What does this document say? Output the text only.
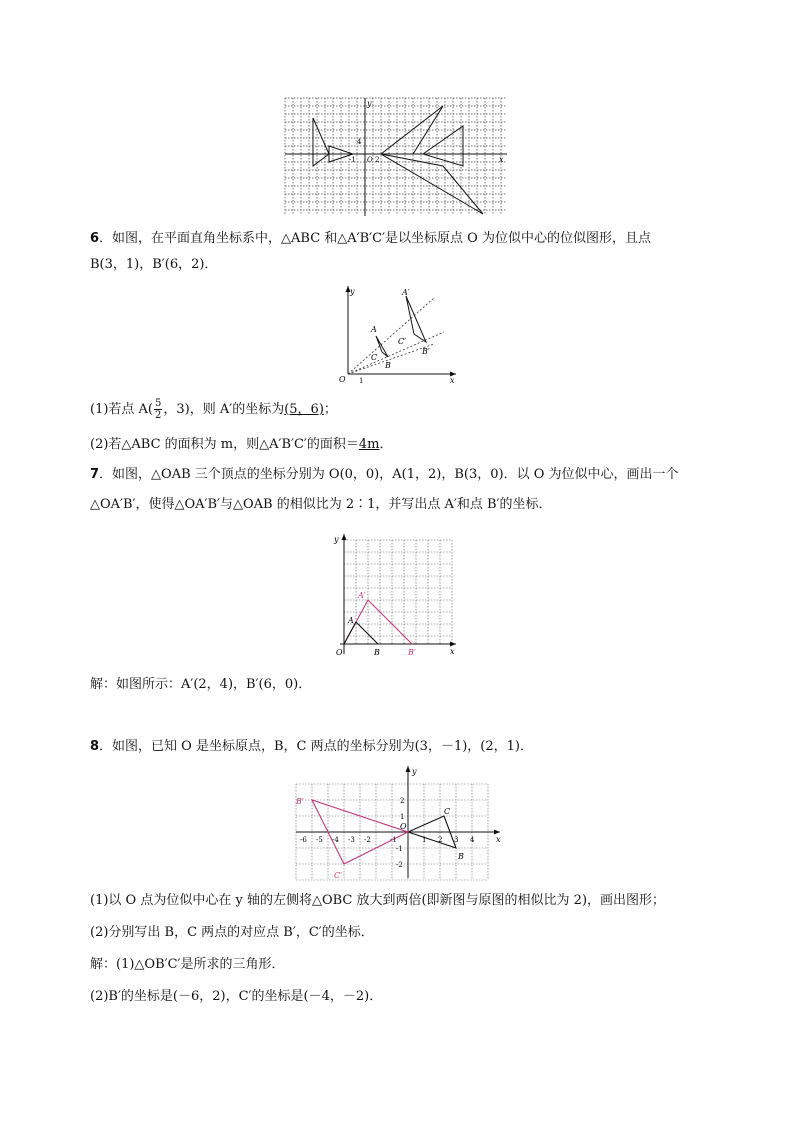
y
x
4
-1 O 2
6．如图，在平面直角坐标系中，△ABC 和△A′B′C′是以坐标原点 O 为位似中心的位似图形，且点
B(3，1)，B′(6，2)．
y
x
O 1
A
B
C
A′
B′
C′
(1)若点 $A( \frac{5}{2}$ ，3)，则 A′的坐标为(5，6)；
(2)若△ABC 的面积为 m，则△A′B′C′的面积＝4m．
7．如图，△OAB 三个顶点的坐标分别为 O(0，0)，A(1，2)，B(3，0)．以 O 为位似中心，画出一个
△OA′B′，使得△OA′B′与△OAB 的相似比为 2∶1，并写出点 A′和点 B′的坐标．
y
x
O
A
B
A′
B′
解：如图所示：A′(2，4)，B′(6，0)．
8．如图，已知 O 是坐标原点，B，C 两点的坐标分别为(3，－1)，(2，1)．
y
x
O
-6 -5 -4 -3 -2	-1	1 2 3 4
2
1
-1
-2
B
C
B′
C′
(1)以 O 点为位似中心在 y 轴的左侧将△OBC 放大到两倍(即新图与原图的相似比为 2)，画出图形；
(2)分别写出 B，C 两点的对应点 B′，C′的坐标．
解：(1)△OB′C′是所求的三角形．
(2)B′的坐标是(－6，2)，C′的坐标是(－4，－2)．
